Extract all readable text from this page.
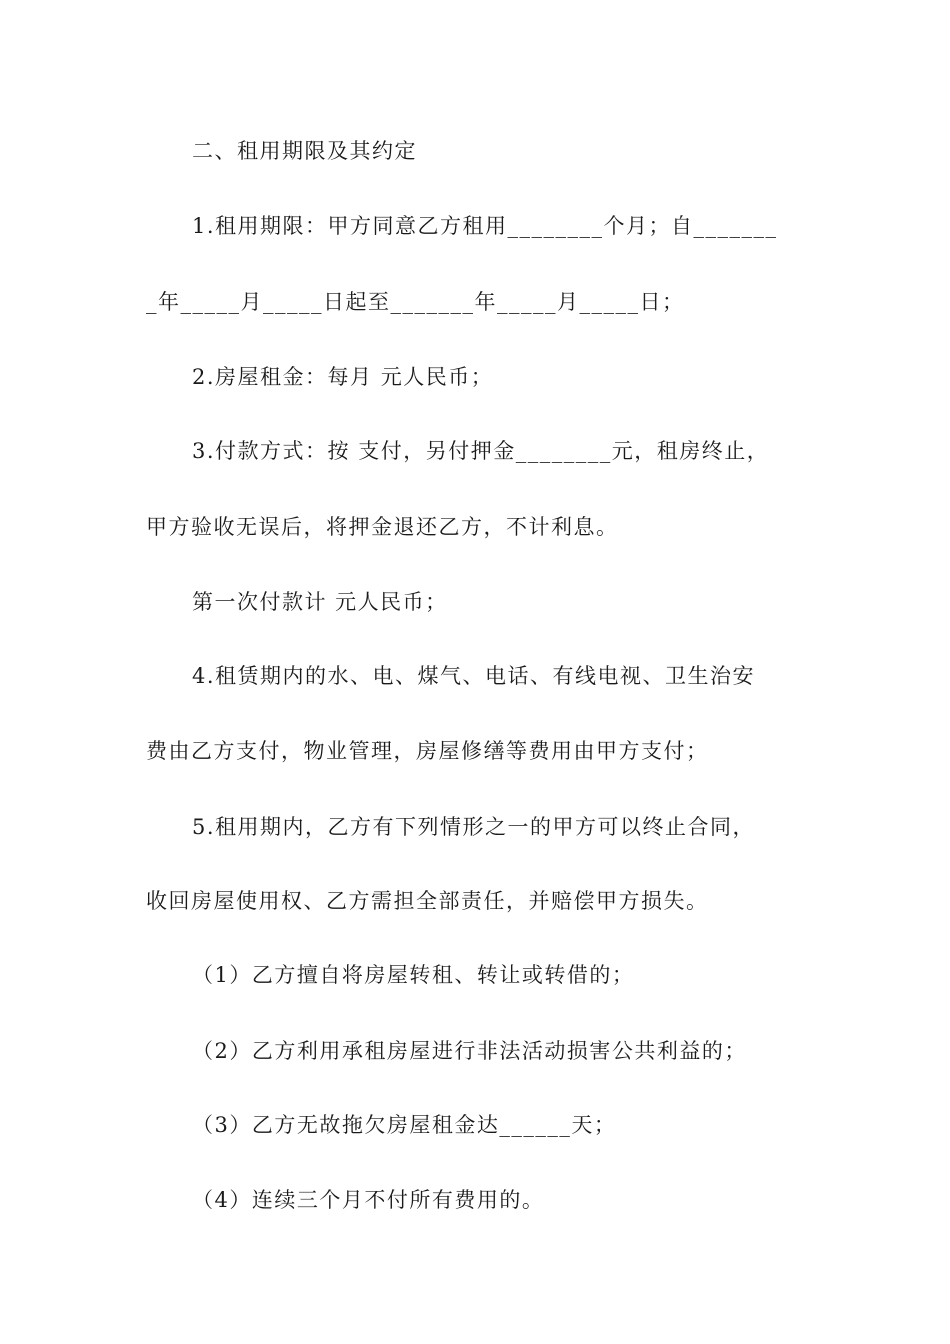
二、租用期限及其约定
1.租用期限：甲方同意乙方租用________个月；自_______
_年_____月_____日起至_______年_____月_____日；
2.房屋租金：每月 元人民币；
3.付款方式：按 支付，另付押金________元，租房终止，
甲方验收无误后，将押金退还乙方，不计利息。
第一次付款计 元人民币；
4.租赁期内的水、电、煤气、电话、有线电视、卫生治安
费由乙方支付，物业管理，房屋修缮等费用由甲方支付；
5.租用期内，乙方有下列情形之一的甲方可以终止合同，
收回房屋使用权、乙方需担全部责任，并赔偿甲方损失。
（1）乙方擅自将房屋转租、转让或转借的；
（2）乙方利用承租房屋进行非法活动损害公共利益的；
（3）乙方无故拖欠房屋租金达______天；
（4）连续三个月不付所有费用的。
